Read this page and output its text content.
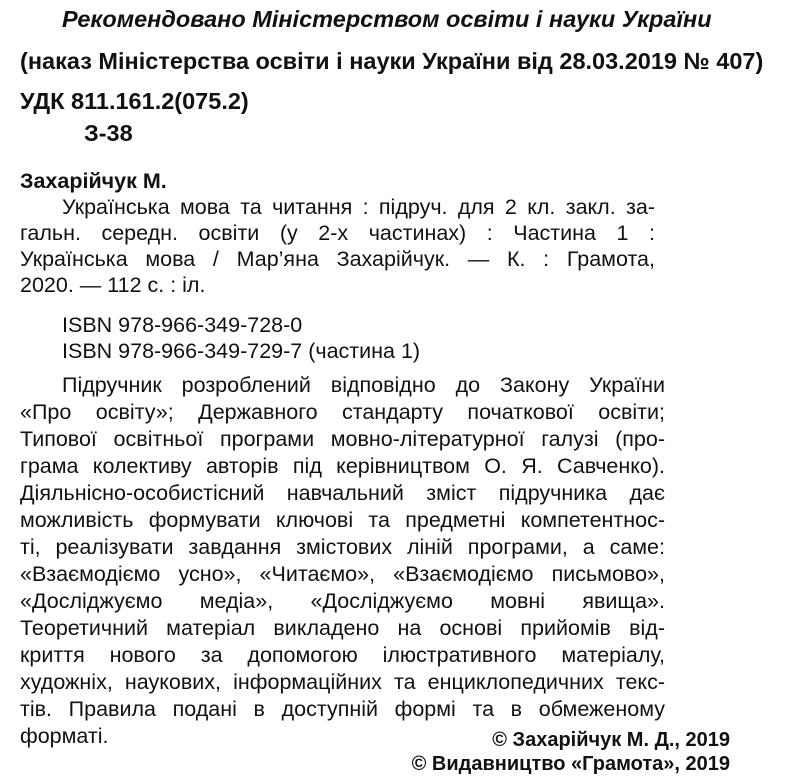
Рекомендовано Міністерством освіти і науки України
(наказ Міністерства освіти і науки України від 28.03.2019 № 407)
УДК 811.161.2(075.2)
З-38
Захарійчук М.
Українська мова та читання : підруч. для 2 кл. закл. за-
гальн. середн. освіти (у 2-х частинах) : Частина 1 :
Українська мова / Мар’яна Захарійчук. — К. : Грамота,
2020. — 112 с. : іл.
ISBN 978-966-349-728-0
ISBN 978-966-349-729-7 (частина 1)
Підручник розроблений відповідно до Закону України
«Про освіту»; Державного стандарту початкової освіти;
Типової освітньої програми мовно-літературної галузі (про-
грама колективу авторів під керівництвом О. Я. Савченко).
Діяльнісно-особистісний навчальний зміст підручника дає
можливість формувати ключові та предметні компетентнос-
ті, реалізувати завдання змістових ліній програми, а саме:
«Взаємодіємо усно», «Читаємо», «Взаємодіємо письмово»,
«Досліджуємо медіа», «Досліджуємо мовні явища».
Теоретичний матеріал викладено на основі прийомів від-
криття нового за допомогою ілюстративного матеріалу,
художніх, наукових, інформаційних та енциклопедичних текс-
тів. Правила подані в доступній формі та в обмеженому
форматі.	© Захарійчук М. Д., 2019
© Видавництво «Грамота», 2019
